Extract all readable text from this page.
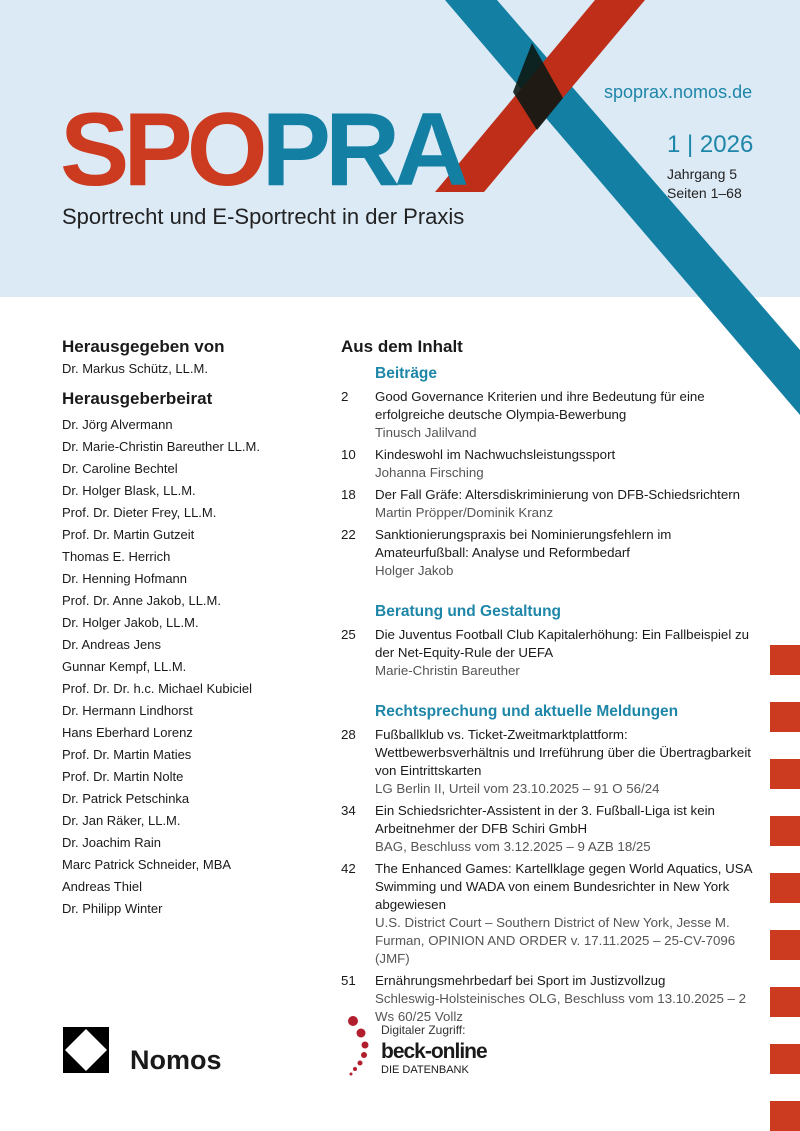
SPOPRA
Sportrecht und E-Sportrecht in der Praxis
spoprax.nomos.de
1 | 2026
Jahrgang 5
Seiten 1–68
Herausgegeben von
Dr. Markus Schütz, LL.M.
Herausgeberbeirat
Dr. Jörg Alvermann
Dr. Marie-Christin Bareuther LL.M.
Dr. Caroline Bechtel
Dr. Holger Blask, LL.M.
Prof. Dr. Dieter Frey, LL.M.
Prof. Dr. Martin Gutzeit
Thomas E. Herrich
Dr. Henning Hofmann
Prof. Dr. Anne Jakob, LL.M.
Dr. Holger Jakob, LL.M.
Dr. Andreas Jens
Gunnar Kempf, LL.M.
Prof. Dr. Dr. h.c. Michael Kubiciel
Dr. Hermann Lindhorst
Hans Eberhard Lorenz
Prof. Dr. Martin Maties
Prof. Dr. Martin Nolte
Dr. Patrick Petschinka
Dr. Jan Räker, LL.M.
Dr. Joachim Rain
Marc Patrick Schneider, MBA
Andreas Thiel
Dr. Philipp Winter
Aus dem Inhalt
Beiträge
2	Good Governance Kriterien und ihre Bedeutung für eine erfolgreiche deutsche Olympia-Bewerbung
Tinusch Jalilvand
10	Kindeswohl im Nachwuchsleistungssport
Johanna Firsching
18	Der Fall Gräfe: Altersdiskriminierung von DFB-Schiedsrichtern
Martin Pröpper/Dominik Kranz
22	Sanktionierungspraxis bei Nominierungsfehlern im Amateurfußball: Analyse und Reformbedarf
Holger Jakob
Beratung und Gestaltung
25	Die Juventus Football Club Kapitalerhöhung: Ein Fallbeispiel zu der Net-Equity-Rule der UEFA
Marie-Christin Bareuther
Rechtsprechung und aktuelle Meldungen
28	Fußballklub vs. Ticket-Zweitmarktplattform: Wettbewerbsverhältnis und Irreführung über die Übertragbarkeit von Eintrittskarten
LG Berlin II, Urteil vom 23.10.2025 – 91 O 56/24
34	Ein Schiedsrichter-Assistent in der 3. Fußball-Liga ist kein Arbeitnehmer der DFB Schiri GmbH
BAG, Beschluss vom 3.12.2025 – 9 AZB 18/25
42	The Enhanced Games: Kartellklage gegen World Aquatics, USA Swimming und WADA von einem Bundesrichter in New York abgewiesen
U.S. District Court – Southern District of New York, Jesse M. Furman, OPINION AND ORDER v. 17.11.2025 – 25-CV-7096 (JMF)
51	Ernährungsmehrbedarf bei Sport im Justizvollzug
Schleswig-Holsteinisches OLG, Beschluss vom 13.10.2025 – 2 Ws 60/25 Vollz
Nomos
Digitaler Zugriff:
beck-online
DIE DATENBANK
